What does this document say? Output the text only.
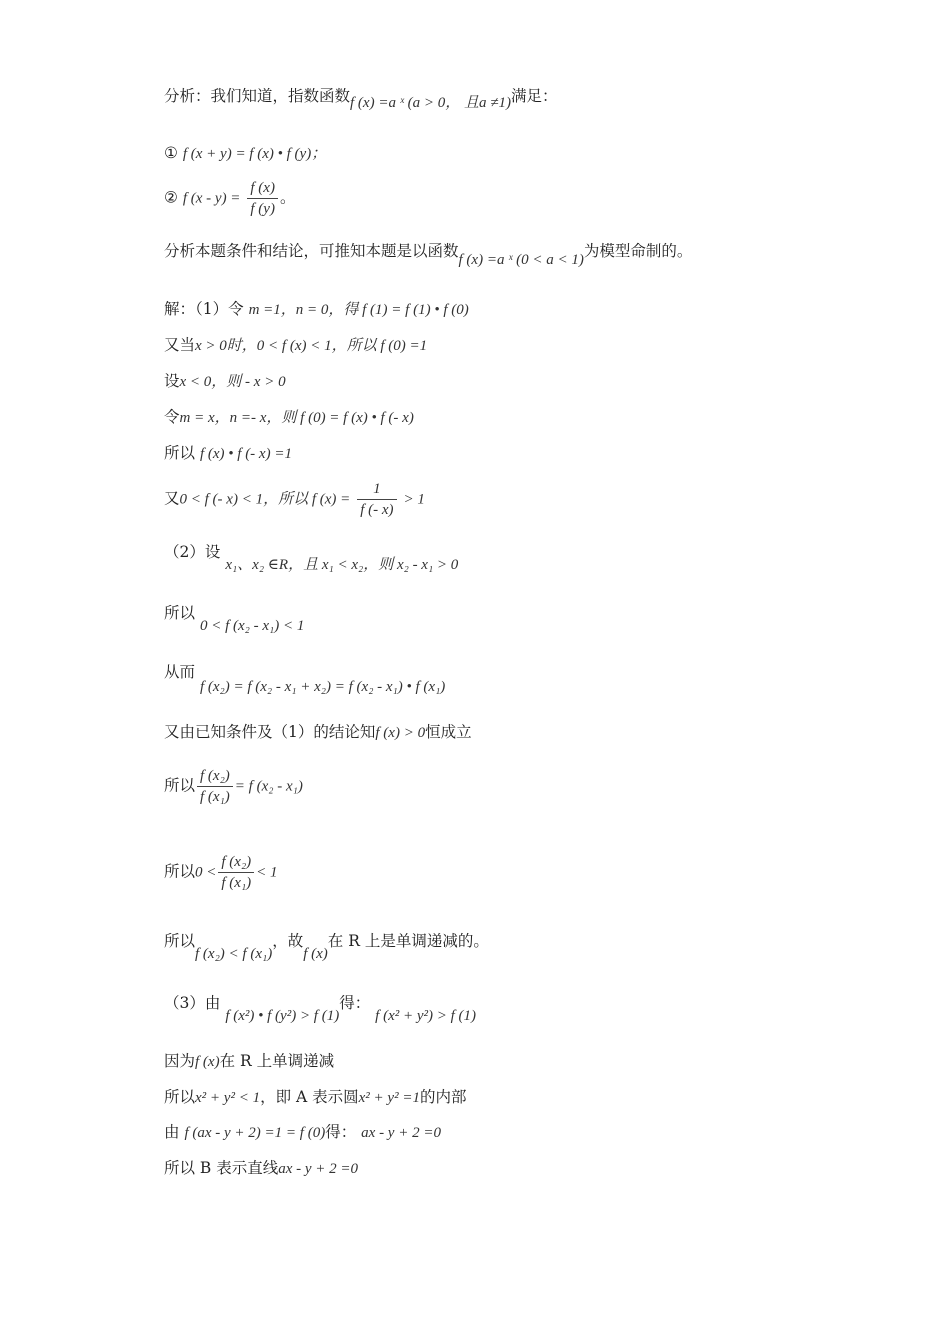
分析：我们知道，指数函数f (x) =a ˣ (a > 0， 且a ≠1)满足：
① f (x + y) = f (x) • f (y)；
② f $(x - y) = \frac{f (x)}{f (y)}$ 。
分析本题条件和结论，可推知本题是以函数f (x) =a ˣ (0 < a < 1)为模型命制的。
解：（1）令 m =1，n = 0，得 f (1) = f (1) • f (0)
又当x > 0时，0 < f (x) < 1，所以 f (0) =1
设x < 0，则 - x > 0
令m = x，n =- x，则 f (0) = f (x) • f (- x)
所以 f (x) • f (- x) =1
又0 < f (- x) < 1，所以 f $(x) = \frac{1}{f (- x)} > 1$
（2）设 x₁、x₂ ∈R，且 x₁ < x₂，则 x₂ - x₁ > 0
所以 0 < f (x₂ - x₁) < 1
从而 f (x₂) = f (x₂ - x₁ + x₂) = f (x₂ - x₁) • f (x₁)
又由已知条件及（1）的结论知f (x) > 0恒成立
所以 $\frac{\text{f (x₂)}}{\text{f (x₁)}} = f$ (x₂ - x₁)
所以$0 < \frac{\text{f (x₂)}}{\text{f (x₁)}} < 1$
所以f (x₂) < f (x₁)，故f (x)在 R 上是单调递减的。
（3）由 f (x²) • f (y²) > f (1)得： f (x² + y²) > f (1)
因为f (x)在 R 上单调递减
所以x² + y² < 1，即 A 表示圆x² + y² =1的内部
由 f (ax - y + 2) =1 = f (0)得： ax - y + 2 =0
所以 B 表示直线ax - y + 2 =0
